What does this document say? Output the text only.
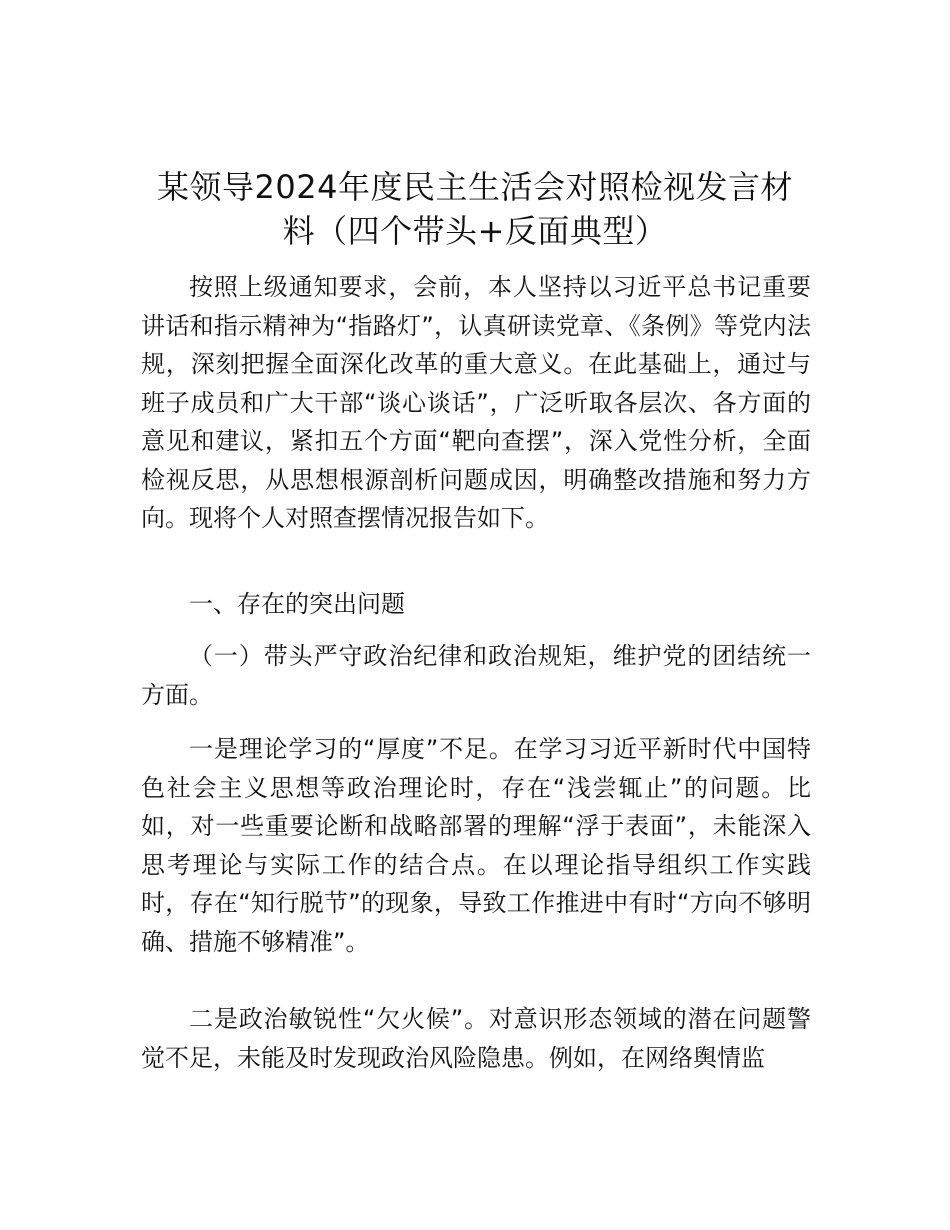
某领导2024年度民主生活会对照检视发言材
料（四个带头+反面典型）

按照上级通知要求，会前，本人坚持以习近平总书记重要讲话和指示精神为“指路灯”，认真研读党章、《条例》等党内法规，深刻把握全面深化改革的重大意义。在此基础上，通过与班子成员和广大干部“谈心谈话”，广泛听取各层次、各方面的意见和建议，紧扣五个方面“靶向查摆”，深入党性分析，全面检视反思，从思想根源剖析问题成因，明确整改措施和努力方向。现将个人对照查摆情况报告如下。

一、存在的突出问题

（一）带头严守政治纪律和政治规矩，维护党的团结统一方面。

一是理论学习的“厚度”不足。在学习习近平新时代中国特色社会主义思想等政治理论时，存在“浅尝辄止”的问题。比如，对一些重要论断和战略部署的理解“浮于表面”，未能深入思考理论与实际工作的结合点。在以理论指导组织工作实践时，存在“知行脱节”的现象，导致工作推进中有时“方向不够明确、措施不够精准”。

二是政治敏锐性“欠火候”。对意识形态领域的潜在问题警觉不足，未能及时发现政治风险隐患。例如，在网络舆情监
